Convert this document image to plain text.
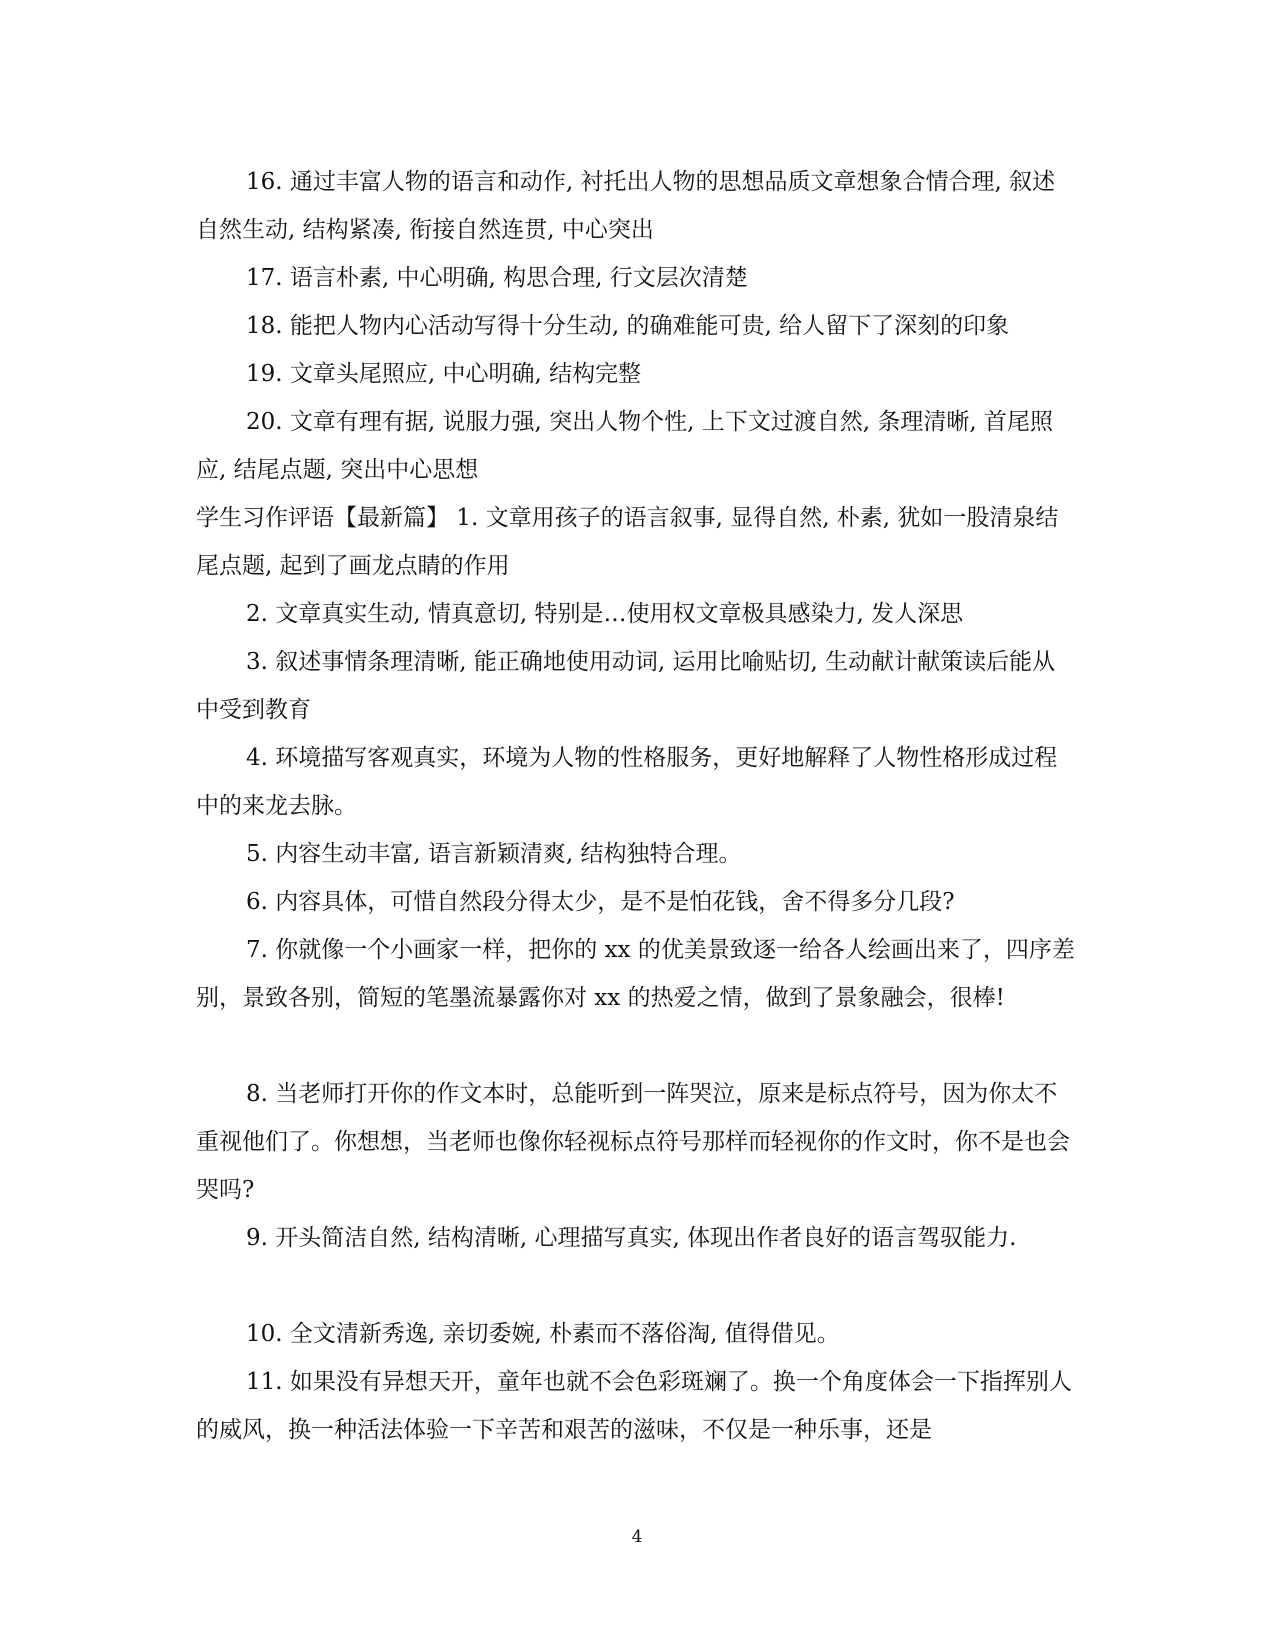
16. 通过丰富人物的语言和动作, 衬托出人物的思想品质文章想象合情合理, 叙述自然生动, 结构紧凑, 衔接自然连贯, 中心突出

17. 语言朴素, 中心明确, 构思合理, 行文层次清楚

18. 能把人物内心活动写得十分生动, 的确难能可贵, 给人留下了深刻的印象

19. 文章头尾照应, 中心明确, 结构完整

20. 文章有理有据, 说服力强, 突出人物个性, 上下文过渡自然, 条理清晰, 首尾照应, 结尾点题, 突出中心思想

学生习作评语【最新篇】 1. 文章用孩子的语言叙事, 显得自然, 朴素, 犹如一股清泉结尾点题, 起到了画龙点睛的作用

2. 文章真实生动, 情真意切, 特别是…使用权文章极具感染力, 发人深思

3. 叙述事情条理清晰, 能正确地使用动词, 运用比喻贴切, 生动献计献策读后能从中受到教育

4. 环境描写客观真实，环境为人物的性格服务，更好地解释了人物性格形成过程中的来龙去脉。

5. 内容生动丰富, 语言新颖清爽, 结构独特合理。

6. 内容具体，可惜自然段分得太少，是不是怕花钱，舍不得多分几段?

7. 你就像一个小画家一样，把你的 xx 的优美景致逐一给各人绘画出来了，四序差别，景致各别，简短的笔墨流暴露你对 xx 的热爱之情，做到了景象融会，很棒!

8. 当老师打开你的作文本时，总能听到一阵哭泣，原来是标点符号，因为你太不重视他们了。你想想，当老师也像你轻视标点符号那样而轻视你的作文时，你不是也会哭吗?

9. 开头简洁自然, 结构清晰, 心理描写真实, 体现出作者良好的语言驾驭能力.

10. 全文清新秀逸, 亲切委婉, 朴素而不落俗淘, 值得借见。

11. 如果没有异想天开，童年也就不会色彩斑斓了。换一个角度体会一下指挥别人的威风，换一种活法体验一下辛苦和艰苦的滋味，不仅是一种乐事，还是

4
